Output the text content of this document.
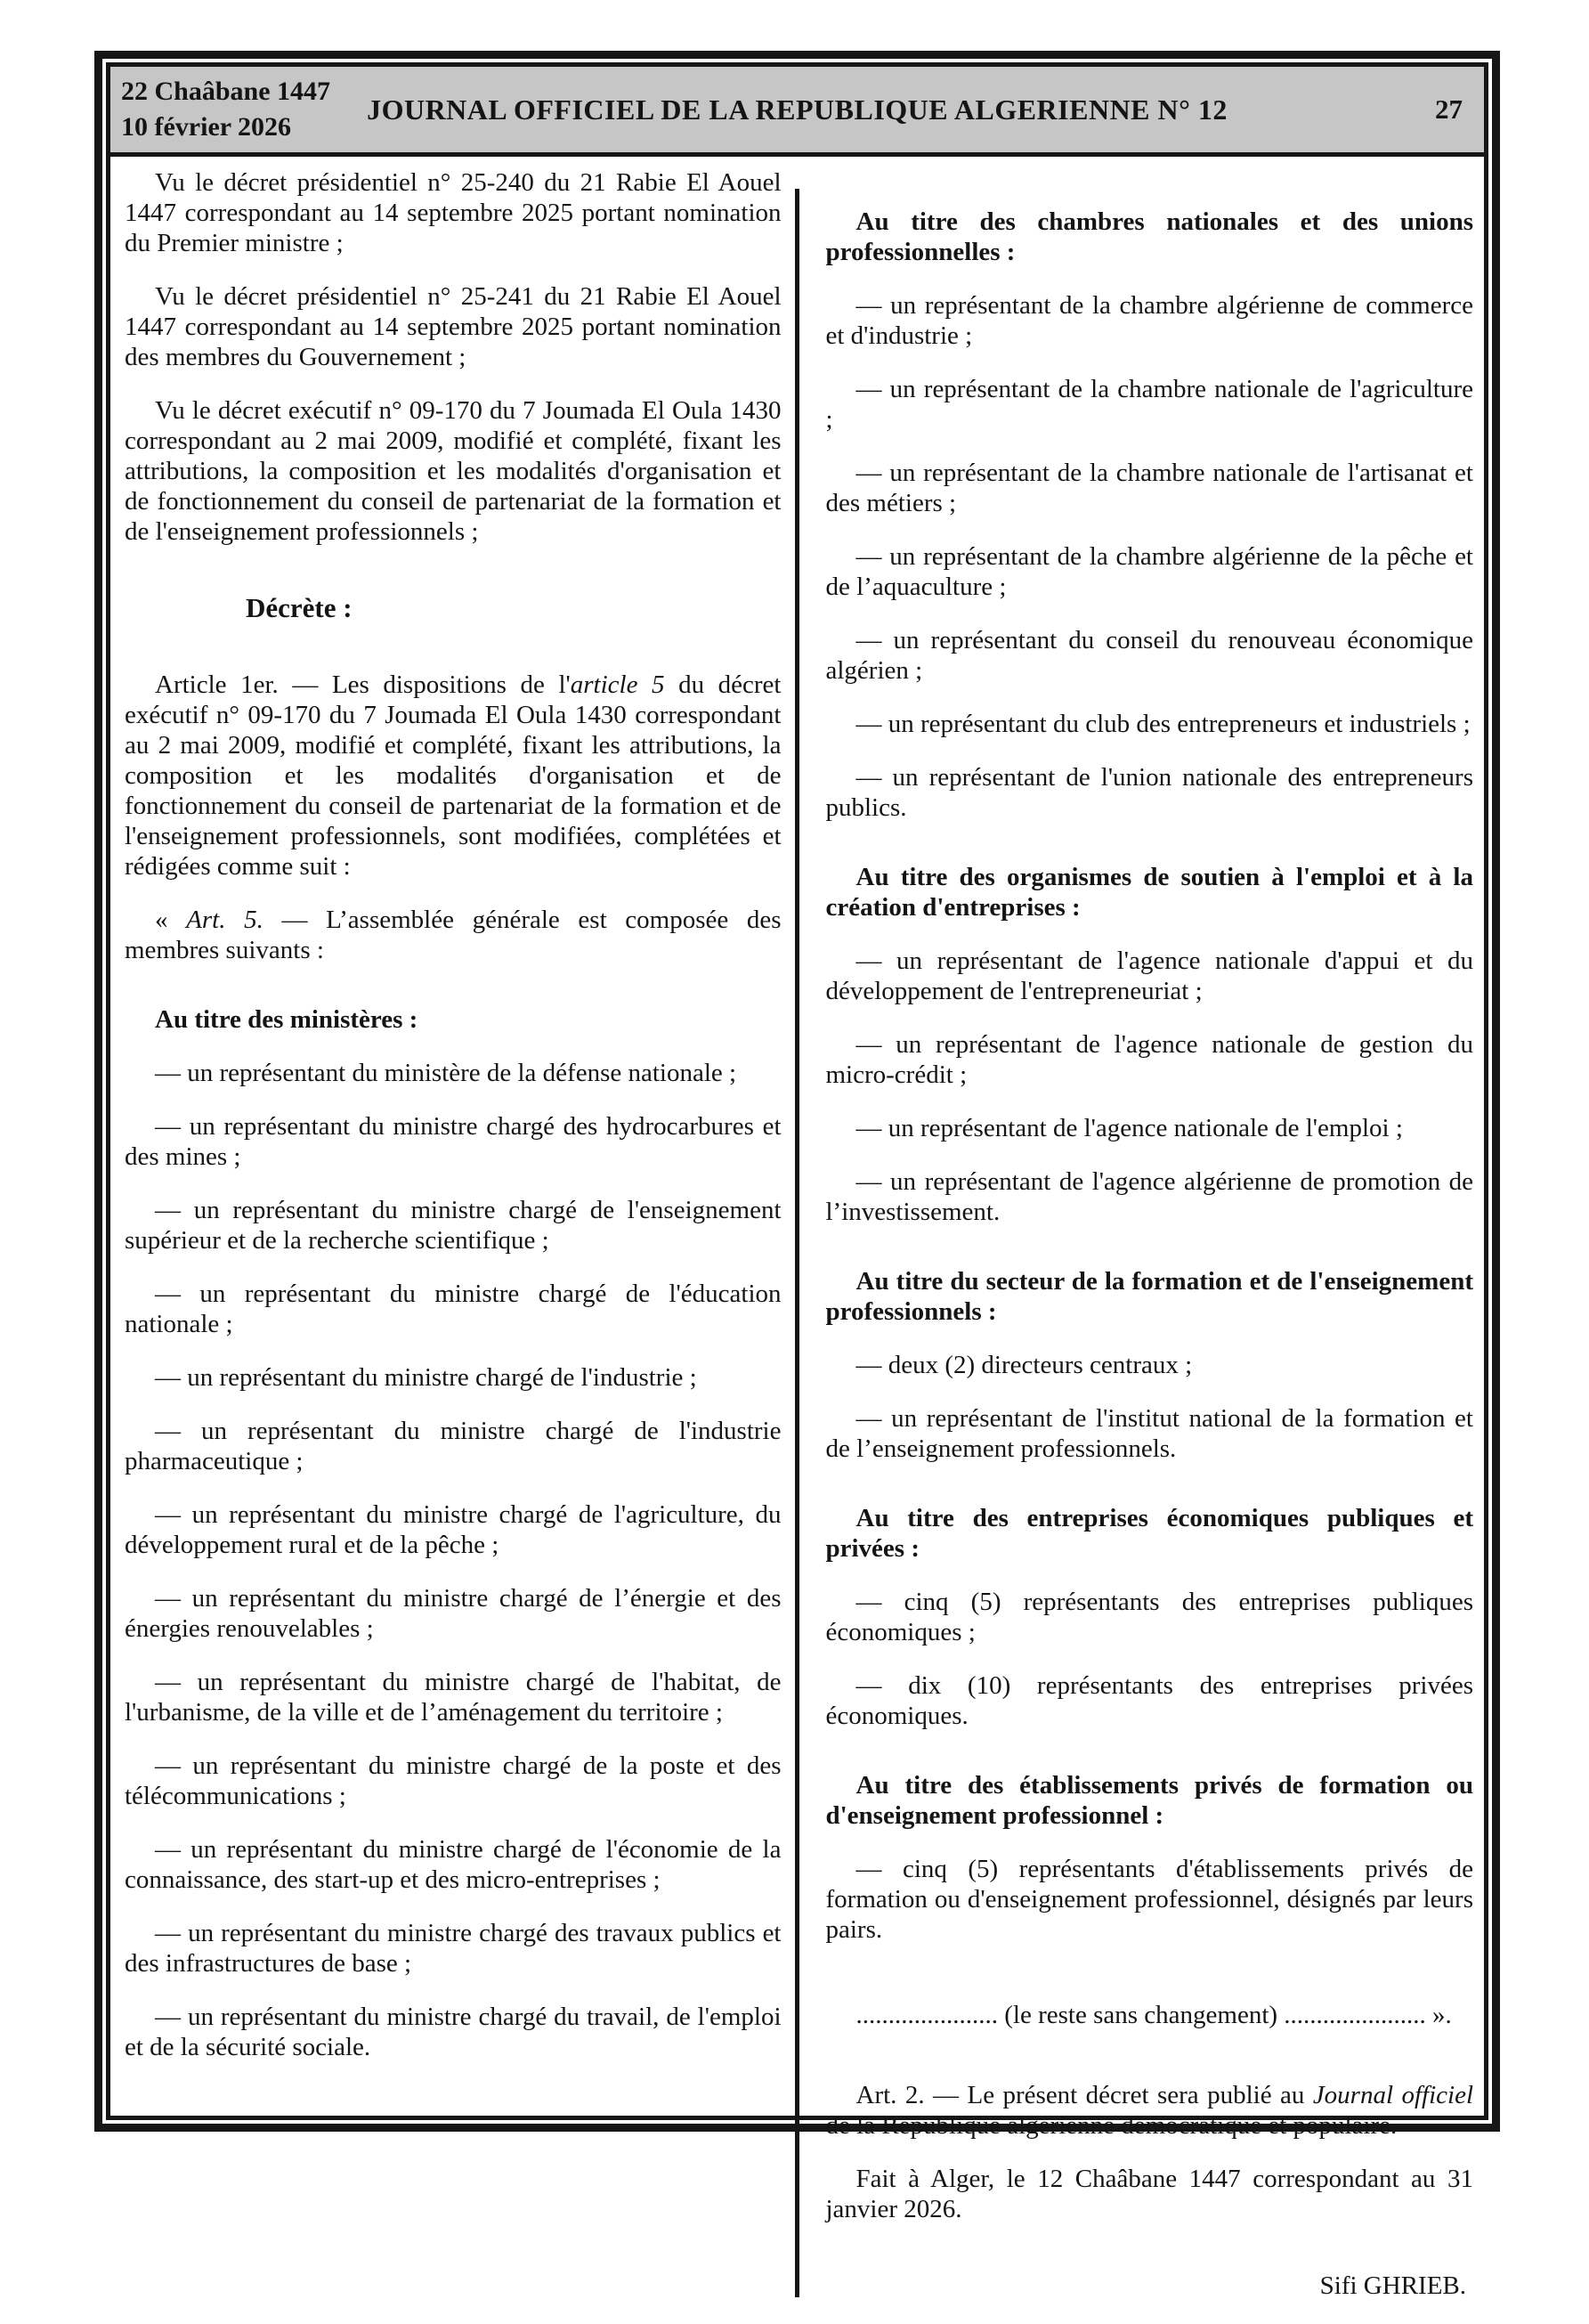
22 Chaâbane 1447
10 février 2026
JOURNAL OFFICIEL DE LA REPUBLIQUE ALGERIENNE N° 12	27

Vu le décret présidentiel n° 25-240 du 21 Rabie El Aouel 1447 correspondant au 14 septembre 2025 portant nomination du Premier ministre ;

Vu le décret présidentiel n° 25-241 du 21 Rabie El Aouel 1447 correspondant au 14 septembre 2025 portant nomination des membres du Gouvernement ;

Vu le décret exécutif n° 09-170 du 7 Joumada El Oula 1430 correspondant au 2 mai 2009, modifié et complété, fixant les attributions, la composition et les modalités d'organisation et de fonctionnement du conseil de partenariat de la formation et de l'enseignement professionnels ;

Décrète :

Article 1er. — Les dispositions de l'article 5 du décret exécutif n° 09-170 du 7 Joumada El Oula 1430 correspondant au 2 mai 2009, modifié et complété, fixant les attributions, la composition et les modalités d'organisation et de fonctionnement du conseil de partenariat de la formation et de l'enseignement professionnels, sont modifiées, complétées et rédigées comme suit :

« Art. 5. — L’assemblée générale est composée des membres suivants :

Au titre des ministères :

— un représentant du ministère de la défense nationale ;

— un représentant du ministre chargé des hydrocarbures et des mines ;

— un représentant du ministre chargé de l'enseignement supérieur et de la recherche scientifique ;

— un représentant du ministre chargé de l'éducation nationale ;

— un représentant du ministre chargé de l'industrie ;

— un représentant du ministre chargé de l'industrie pharmaceutique ;

— un représentant du ministre chargé de l'agriculture, du développement rural et de la pêche ;

— un représentant du ministre chargé de l’énergie et des énergies renouvelables ;

— un représentant du ministre chargé de l'habitat, de l'urbanisme, de la ville et de l’aménagement du territoire ;

— un représentant du ministre chargé de la poste et des télécommunications ;

— un représentant du ministre chargé de l'économie de la connaissance, des start-up et des micro-entreprises ;

— un représentant du ministre chargé des travaux publics et des infrastructures de base ;

— un représentant du ministre chargé du travail, de l'emploi et de la sécurité sociale.

Au titre des chambres nationales et des unions professionnelles :

— un représentant de la chambre algérienne de commerce et d'industrie ;

— un représentant de la chambre nationale de l'agriculture ;

— un représentant de la chambre nationale de l'artisanat et des métiers ;

— un représentant de la chambre algérienne de la pêche et de l’aquaculture ;

— un représentant du conseil du renouveau économique algérien ;

— un représentant du club des entrepreneurs et industriels ;

— un représentant de l'union nationale des entrepreneurs publics.

Au titre des organismes de soutien à l'emploi et à la création d'entreprises :

— un représentant de l'agence nationale d'appui et du développement de l'entrepreneuriat ;

— un représentant de l'agence nationale de gestion du micro-crédit ;

— un représentant de l'agence nationale de l'emploi ;

— un représentant de l'agence algérienne de promotion de l’investissement.

Au titre du secteur de la formation et de l'enseignement professionnels :

— deux (2) directeurs centraux ;

— un représentant de l'institut national de la formation et de l’enseignement professionnels.

Au titre des entreprises économiques publiques et privées :

— cinq (5) représentants des entreprises publiques économiques ;

— dix (10) représentants des entreprises privées économiques.

Au titre des établissements privés de formation ou d'enseignement professionnel :

— cinq (5) représentants d'établissements privés de formation ou d'enseignement professionnel, désignés par leurs pairs.

...................... (le reste sans changement) ...................... ».

Art. 2. — Le présent décret sera publié au Journal officiel de la République algérienne démocratique et populaire.

Fait à Alger, le 12 Chaâbane 1447 correspondant au 31 janvier 2026.

Sifi GHRIEB.
